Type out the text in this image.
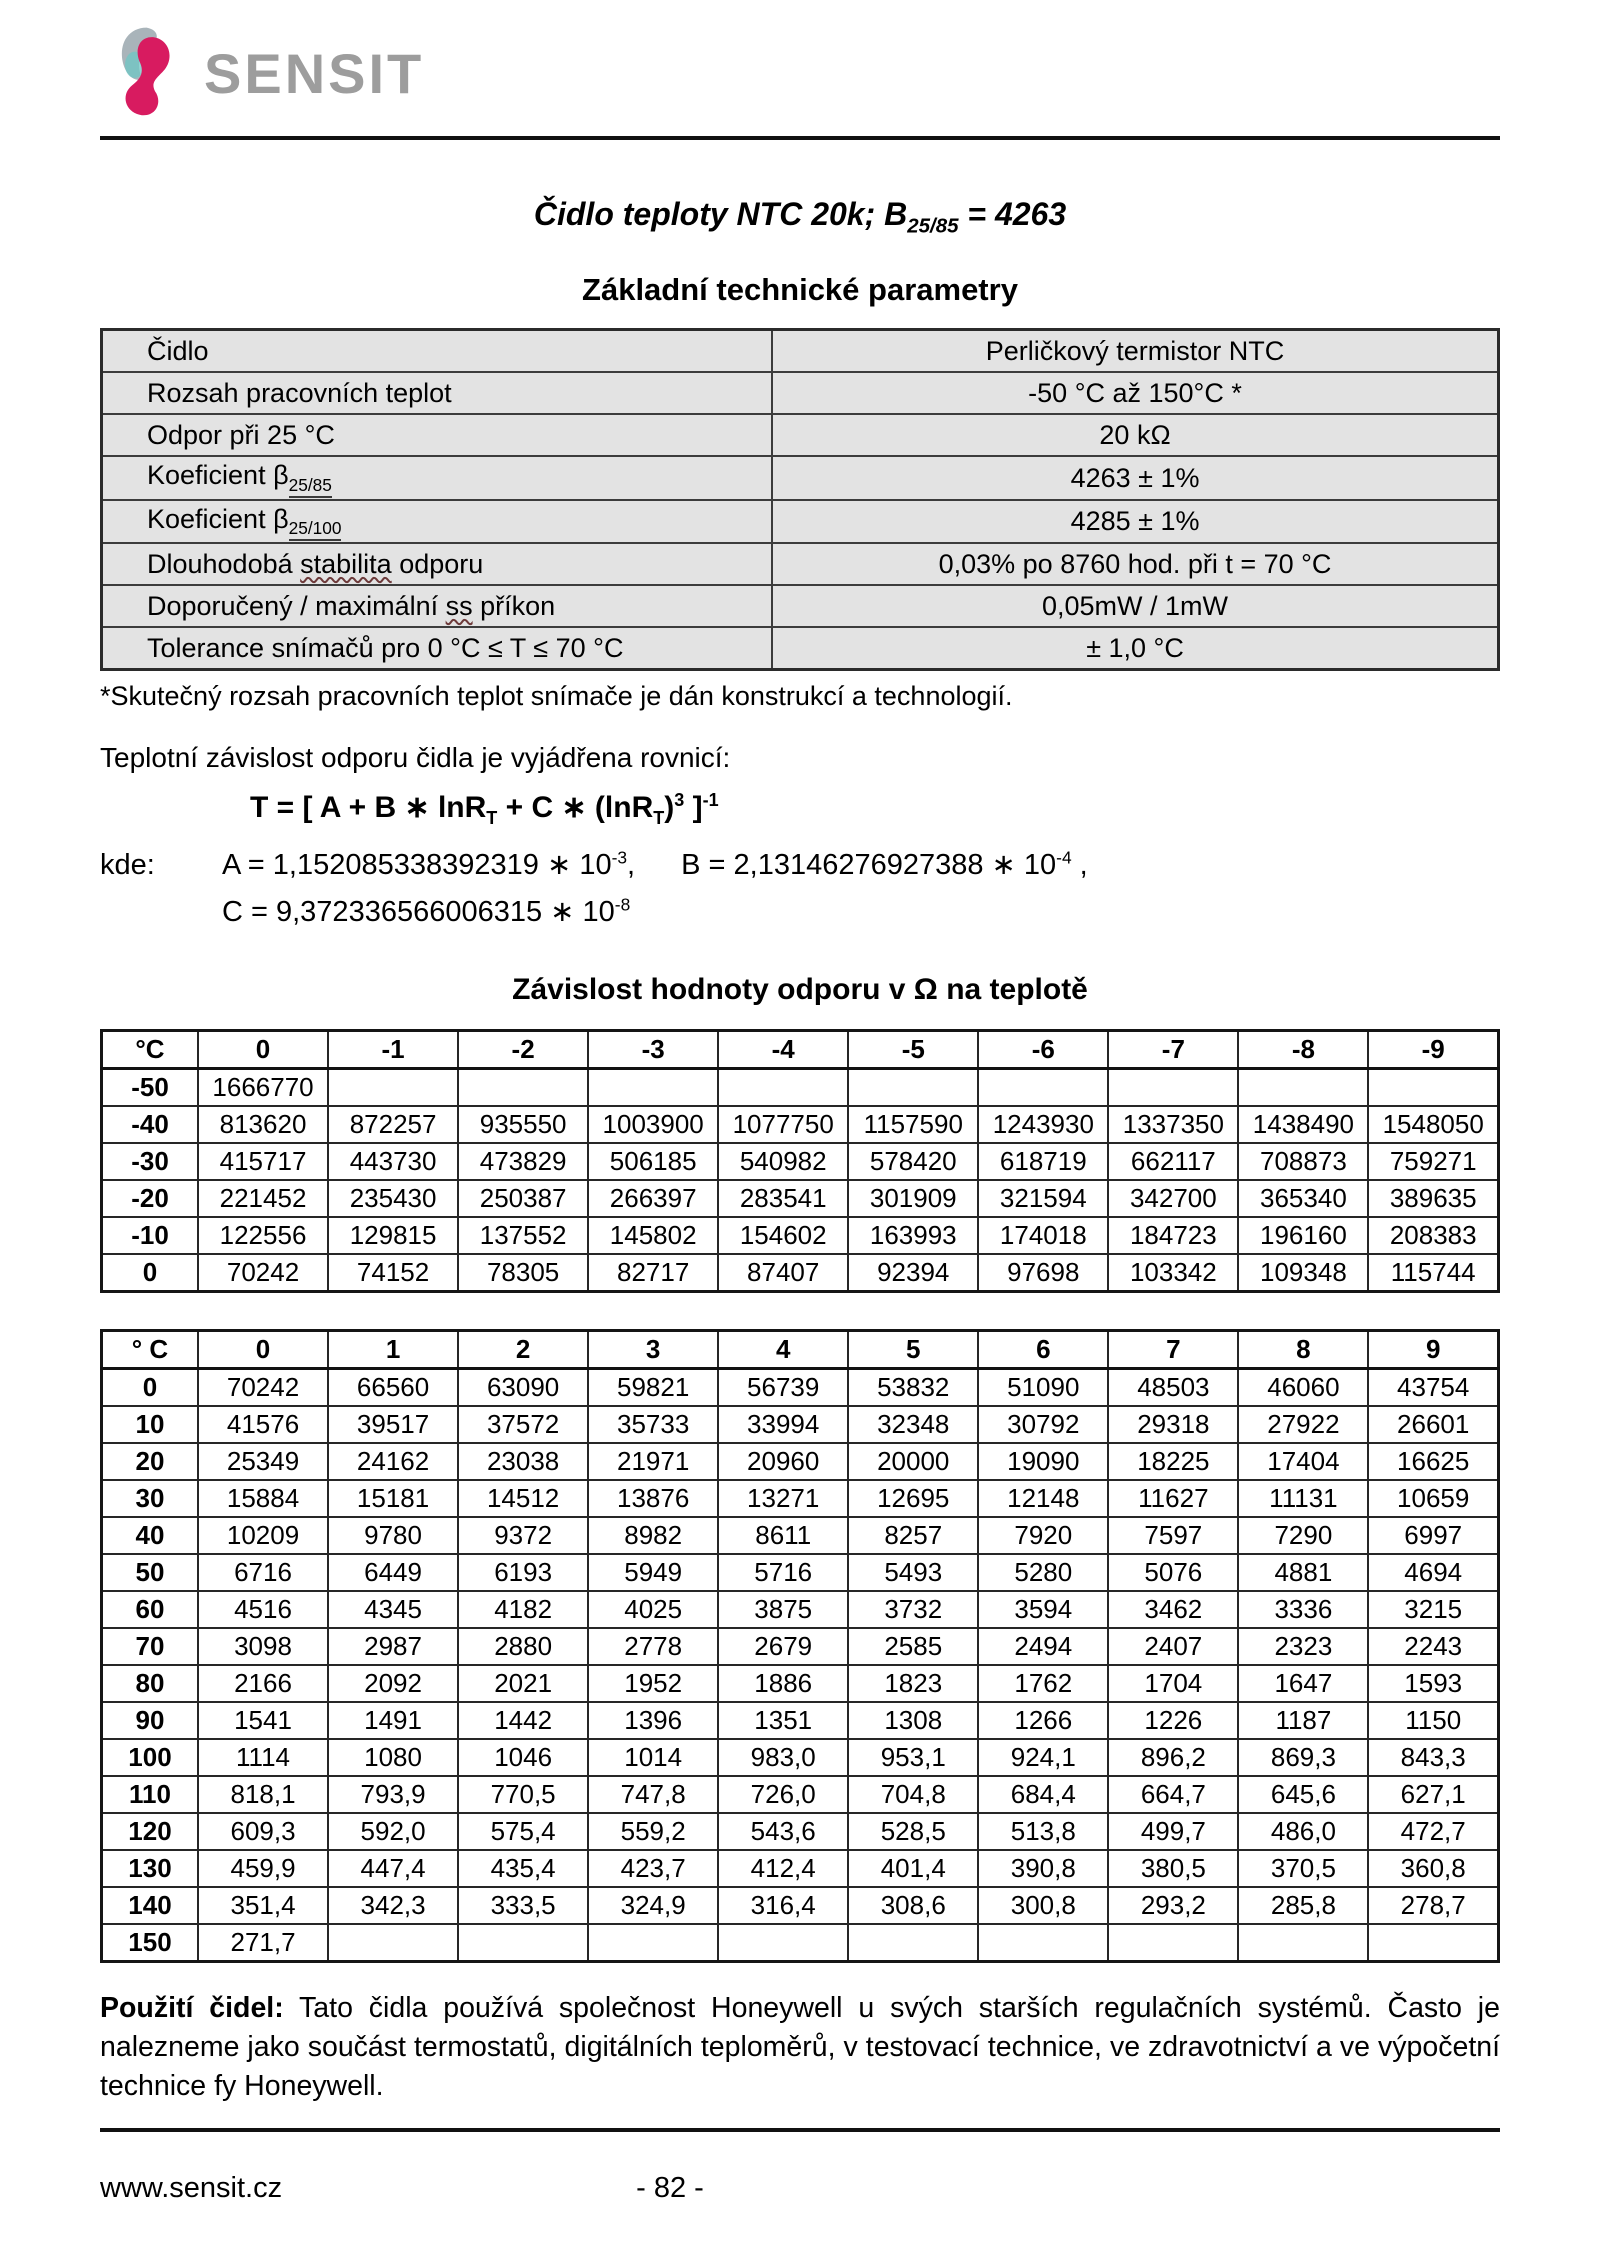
SENSIT
Čidlo teploty NTC 20k; $B_{25/85} = 4263$
Základní technické parametry
Čidlo	Perličkový termistor NTC
Rozsah pracovních teplot	-50 °C až 150°C *
Odpor při 25 °C	20 kΩ
Koeficient $\beta_{25/85}$	4263 ± 1%
Koeficient $\beta_{25/100}$	4285 ± 1%
Dlouhodobá stabilita odporu	0,03% po 8760 hod. při t = 70 °C
Doporučený / maximální ss příkon	0,05mW / 1mW
Tolerance snímačů pro 0 °C ≤ T ≤ 70 °C	± 1,0 °C
*Skutečný rozsah pracovních teplot snímače je dán konstrukcí a technologií.
Teplotní závislost odporu čidla je vyjádřena rovnicí:
T = [ A + B ∗ lnR$_T$ + C ∗ $(\ln R_T)^3$ ]$^{-1}$
kde:	A = 1,152085338392319 ∗ $10^{-3}$, B = 2,13146276927388 ∗ $10^{-4}$ ,
C = 9,372336566006315 ∗ $10^{-8}$
Závislost hodnoty odporu v Ω na teplotě
°C	0	-1	-2	-3	-4	-5	-6	-7	-8	-9
-50	1666770									
-40	813620	872257	935550	1003900	1077750	1157590	1243930	1337350	1438490	1548050
-30	415717	443730	473829	506185	540982	578420	618719	662117	708873	759271
-20	221452	235430	250387	266397	283541	301909	321594	342700	365340	389635
-10	122556	129815	137552	145802	154602	163993	174018	184723	196160	208383
0	70242	74152	78305	82717	87407	92394	97698	103342	109348	115744
° C	0	1	2	3	4	5	6	7	8	9
0	70242	66560	63090	59821	56739	53832	51090	48503	46060	43754
10	41576	39517	37572	35733	33994	32348	30792	29318	27922	26601
20	25349	24162	23038	21971	20960	20000	19090	18225	17404	16625
30	15884	15181	14512	13876	13271	12695	12148	11627	11131	10659
40	10209	9780	9372	8982	8611	8257	7920	7597	7290	6997
50	6716	6449	6193	5949	5716	5493	5280	5076	4881	4694
60	4516	4345	4182	4025	3875	3732	3594	3462	3336	3215
70	3098	2987	2880	2778	2679	2585	2494	2407	2323	2243
80	2166	2092	2021	1952	1886	1823	1762	1704	1647	1593
90	1541	1491	1442	1396	1351	1308	1266	1226	1187	1150
100	1114	1080	1046	1014	983,0	953,1	924,1	896,2	869,3	843,3
110	818,1	793,9	770,5	747,8	726,0	704,8	684,4	664,7	645,6	627,1
120	609,3	592,0	575,4	559,2	543,6	528,5	513,8	499,7	486,0	472,7
130	459,9	447,4	435,4	423,7	412,4	401,4	390,8	380,5	370,5	360,8
140	351,4	342,3	333,5	324,9	316,4	308,6	300,8	293,2	285,8	278,7
150	271,7									

Použití čidel: Tato čidla používá společnost Honeywell u svých starších regulačních systémů. Často je nalezneme jako součást termostatů, digitálních teploměrů, v testovací technice, ve zdravotnictví a ve výpočetní technice fy Honeywell.

www.sensit.cz	- 82 -
